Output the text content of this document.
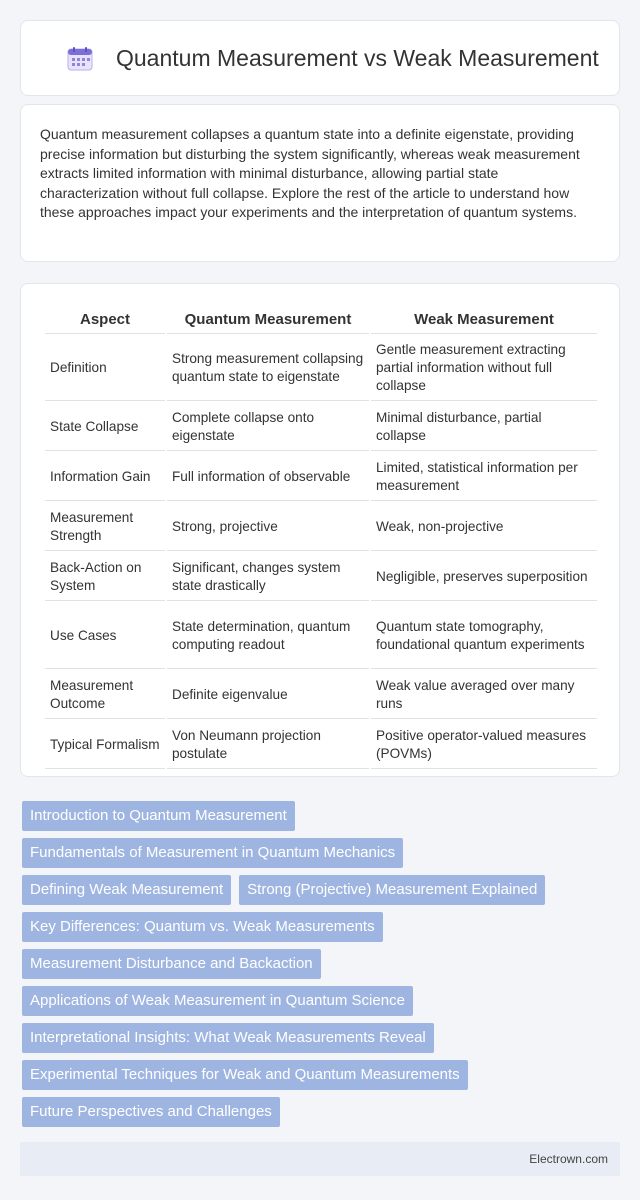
Quantum Measurement vs Weak Measurement

Quantum measurement collapses a quantum state into a definite eigenstate, providing precise information but disturbing the system significantly, whereas weak measurement extracts limited information with minimal disturbance, allowing partial state characterization without full collapse. Explore the rest of the article to understand how these approaches impact your experiments and the interpretation of quantum systems.

Aspect	Quantum Measurement	Weak Measurement
Definition	Strong measurement collapsing quantum state to eigenstate	Gentle measurement extracting partial information without full collapse
State Collapse	Complete collapse onto eigenstate	Minimal disturbance, partial collapse
Information Gain	Full information of observable	Limited, statistical information per measurement
Measurement Strength	Strong, projective	Weak, non-projective
Back-Action on System	Significant, changes system state drastically	Negligible, preserves superposition
Use Cases	State determination, quantum computing readout	Quantum state tomography, foundational quantum experiments
Measurement Outcome	Definite eigenvalue	Weak value averaged over many runs
Typical Formalism	Von Neumann projection postulate	Positive operator-valued measures (POVMs)
Introduction to Quantum Measurement
Fundamentals of Measurement in Quantum Mechanics
Defining Weak Measurement	Strong (Projective) Measurement Explained
Key Differences: Quantum vs. Weak Measurements
Measurement Disturbance and Backaction
Applications of Weak Measurement in Quantum Science
Interpretational Insights: What Weak Measurements Reveal
Experimental Techniques for Weak and Quantum Measurements
Future Perspectives and Challenges
Electrown.com
